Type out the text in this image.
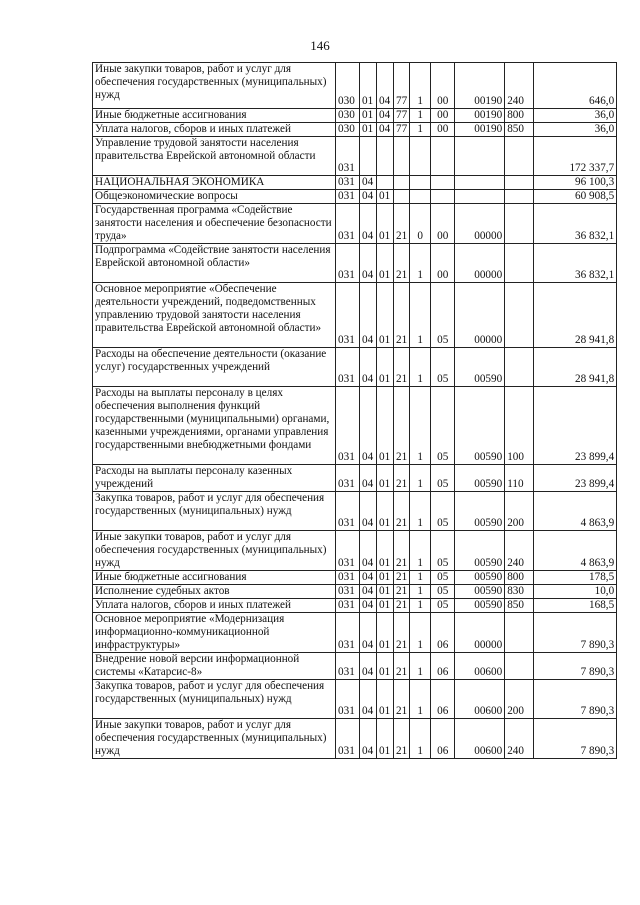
146
Иные закупки товаров, работ и услуг для обеспечения государственных (муниципальных) нужд	030	01	04	77	1	00	00190	240	646,0

Иные бюджетные ассигнования	030	01	04	77	1	00	00190	800	36,0

Уплата налогов, сборов и иных платежей	030	01	04	77	1	00	00190	850	36,0

Управление трудовой занятости населения правительства Еврейской автономной области	031								172 337,7

НАЦИОНАЛЬНАЯ ЭКОНОМИКА	031	04							96 100,3

Общеэкономические вопросы	031	04	01						60 908,5

Государственная программа «Содействие занятости населения и обеспечение безопасности труда»	031	04	01	21	0	00	00000		36 832,1

Подпрограмма «Содействие занятости населения Еврейской автономной области»	031	04	01	21	1	00	00000		36 832,1

Основное мероприятие «Обеспечение деятельности учреждений, подведомственных управлению трудовой занятости населения правительства Еврейской автономной области»	031	04	01	21	1	05	00000		28 941,8

Расходы на обеспечение деятельности (оказание услуг) государственных учреждений	031	04	01	21	1	05	00590		28 941,8

Расходы на выплаты персоналу в целях обеспечения выполнения функций государственными (муниципальными) органами, казенными учреждениями, органами управления государственными внебюджетными фондами	031	04	01	21	1	05	00590	100	23 899,4

Расходы на выплаты персоналу казенных учреждений	031	04	01	21	1	05	00590	110	23 899,4

Закупка товаров, работ и услуг для обеспечения государственных (муниципальных) нужд	031	04	01	21	1	05	00590	200	4 863,9

Иные закупки товаров, работ и услуг для обеспечения государственных (муниципальных) нужд	031	04	01	21	1	05	00590	240	4 863,9

Иные бюджетные ассигнования	031	04	01	21	1	05	00590	800	178,5

Исполнение судебных актов	031	04	01	21	1	05	00590	830	10,0

Уплата налогов, сборов и иных платежей	031	04	01	21	1	05	00590	850	168,5

Основное мероприятие «Модернизация информационно-коммуникационной инфраструктуры»	031	04	01	21	1	06	00000		7 890,3

Внедрение новой версии информационной системы «Катарсис-8»	031	04	01	21	1	06	00600		7 890,3

Закупка товаров, работ и услуг для обеспечения государственных (муниципальных) нужд	031	04	01	21	1	06	00600	200	7 890,3

Иные закупки товаров, работ и услуг для обеспечения государственных (муниципальных) нужд	031	04	01	21	1	06	00600	240	7 890,3
